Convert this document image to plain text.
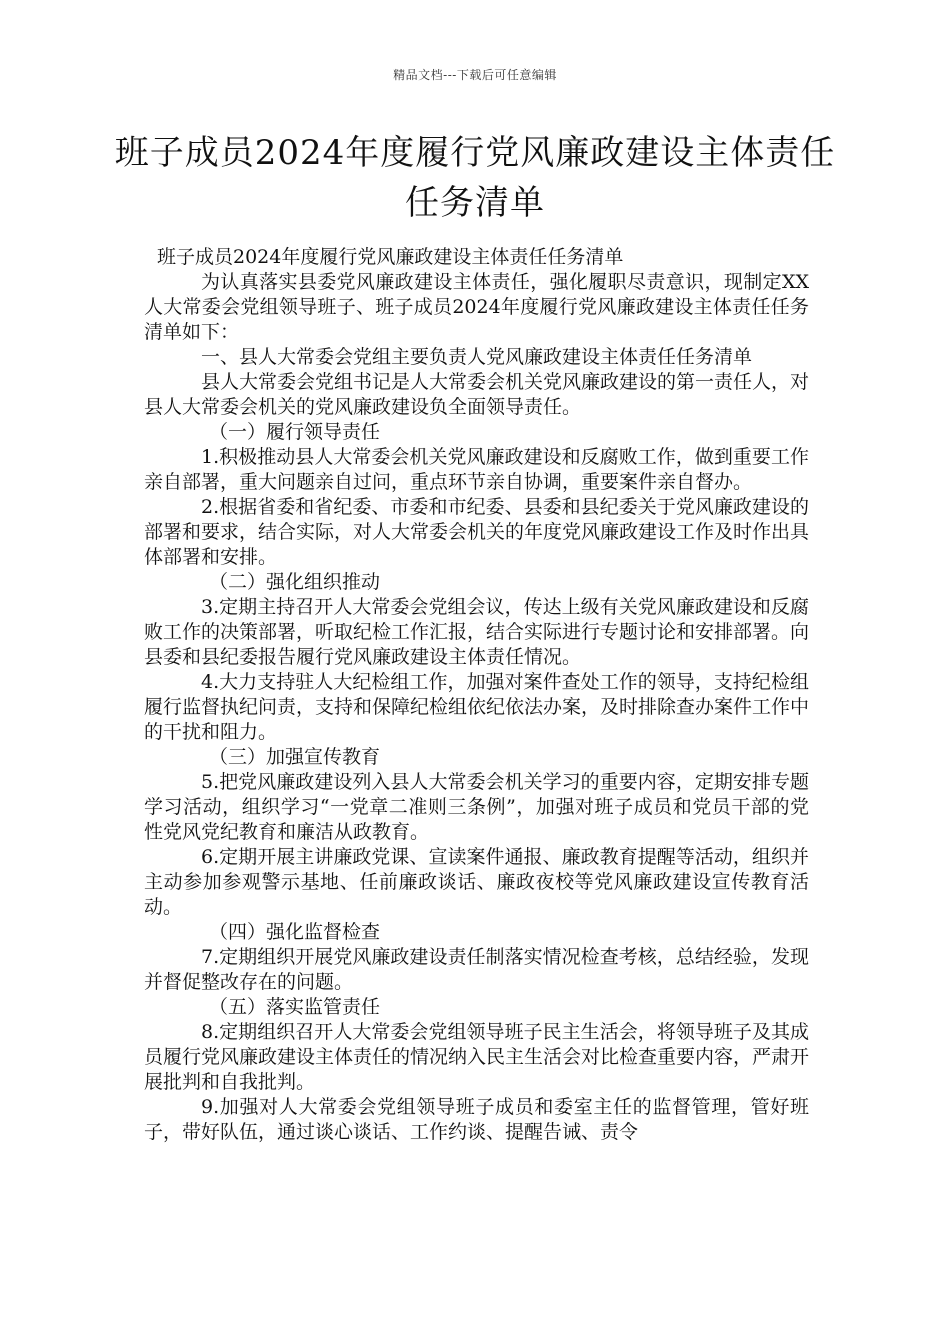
精品文档---下载后可任意编辑
班子成员2024年度履行党风廉政建设主体责任任务清单

班子成员2024年度履行党风廉政建设主体责任任务清单

为认真落实县委党风廉政建设主体责任，强化履职尽责意识，现制定XX人大常委会党组领导班子、班子成员2024年度履行党风廉政建设主体责任任务清单如下：

一、县人大常委会党组主要负责人党风廉政建设主体责任任务清单

县人大常委会党组书记是人大常委会机关党风廉政建设的第一责任人，对县人大常委会机关的党风廉政建设负全面领导责任。

（一）履行领导责任

1.积极推动县人大常委会机关党风廉政建设和反腐败工作，做到重要工作亲自部署，重大问题亲自过问，重点环节亲自协调，重要案件亲自督办。

2.根据省委和省纪委、市委和市纪委、县委和县纪委关于党风廉政建设的部署和要求，结合实际，对人大常委会机关的年度党风廉政建设工作及时作出具体部署和安排。

（二）强化组织推动

3.定期主持召开人大常委会党组会议，传达上级有关党风廉政建设和反腐败工作的决策部署，听取纪检工作汇报，结合实际进行专题讨论和安排部署。向县委和县纪委报告履行党风廉政建设主体责任情况。

4.大力支持驻人大纪检组工作，加强对案件查处工作的领导，支持纪检组履行监督执纪问责，支持和保障纪检组依纪依法办案，及时排除查办案件工作中的干扰和阻力。

（三）加强宣传教育

5.把党风廉政建设列入县人大常委会机关学习的重要内容，定期安排专题学习活动，组织学习“一党章二准则三条例”，加强对班子成员和党员干部的党性党风党纪教育和廉洁从政教育。

6.定期开展主讲廉政党课、宣读案件通报、廉政教育提醒等活动，组织并主动参加参观警示基地、任前廉政谈话、廉政夜校等党风廉政建设宣传教育活动。

（四）强化监督检查

7.定期组织开展党风廉政建设责任制落实情况检查考核，总结经验，发现并督促整改存在的问题。

（五）落实监管责任

8.定期组织召开人大常委会党组领导班子民主生活会，将领导班子及其成员履行党风廉政建设主体责任的情况纳入民主生活会对比检查重要内容，严肃开展批判和自我批判。

9.加强对人大常委会党组领导班子成员和委室主任的监督管理，管好班子，带好队伍，通过谈心谈话、工作约谈、提醒告诫、责令
